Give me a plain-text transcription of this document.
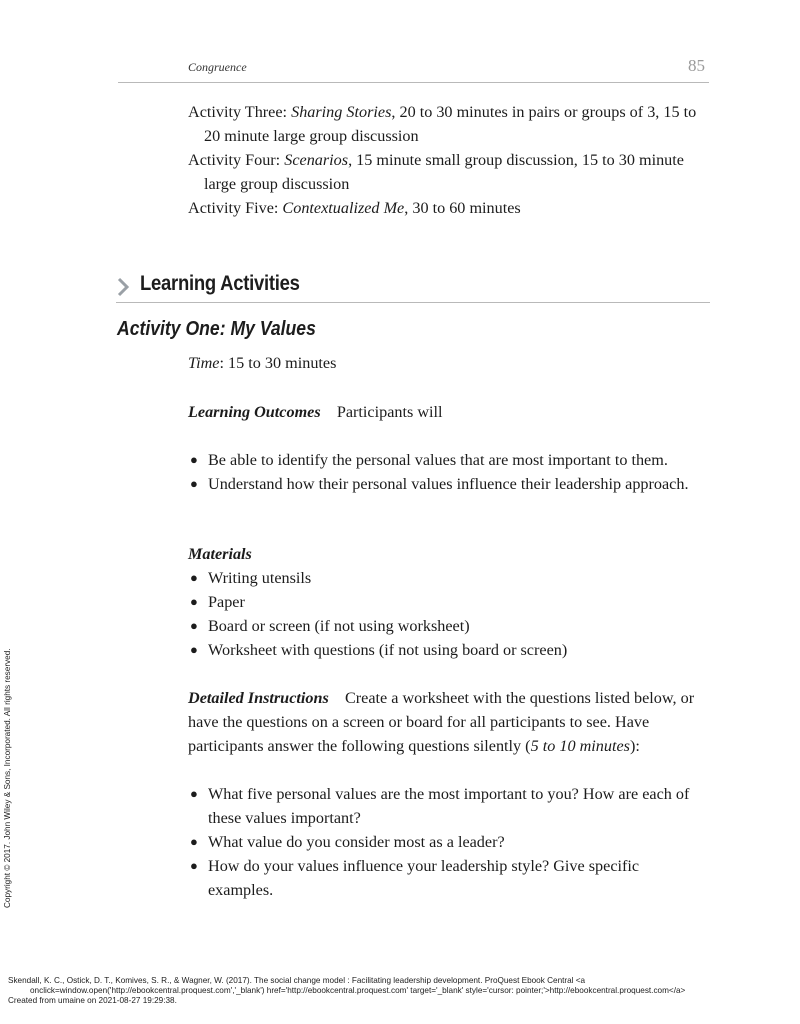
Congruence	85
Activity Three: Sharing Stories, 20 to 30 minutes in pairs or groups of 3, 15 to 20 minute large group discussion
Activity Four: Scenarios, 15 minute small group discussion, 15 to 30 minute large group discussion
Activity Five: Contextualized Me, 30 to 60 minutes
Learning Activities
Activity One: My Values
Time: 15 to 30 minutes
Learning Outcomes Participants will
● Be able to identify the personal values that are most important to them.
● Understand how their personal values influence their leadership approach.
Materials
● Writing utensils
● Paper
● Board or screen (if not using worksheet)
● Worksheet with questions (if not using board or screen)
Detailed Instructions Create a worksheet with the questions listed below, or have the questions on a screen or board for all participants to see. Have participants answer the following questions silently (5 to 10 minutes):
● What five personal values are the most important to you? How are each of these values important?
● What value do you consider most as a leader?
● How do your values influence your leadership style? Give specific examples.
Copyright © 2017. John Wiley & Sons, Incorporated. All rights reserved.
Skendall, K. C., Ostick, D. T., Komives, S. R., & Wagner, W. (2017). The social change model : Facilitating leadership development. ProQuest Ebook Central <a
onclick=window.open('http://ebookcentral.proquest.com','_blank') href='http://ebookcentral.proquest.com' target='_blank' style='cursor: pointer;'>http://ebookcentral.proquest.com</a>
Created from umaine on 2021-08-27 19:29:38.
